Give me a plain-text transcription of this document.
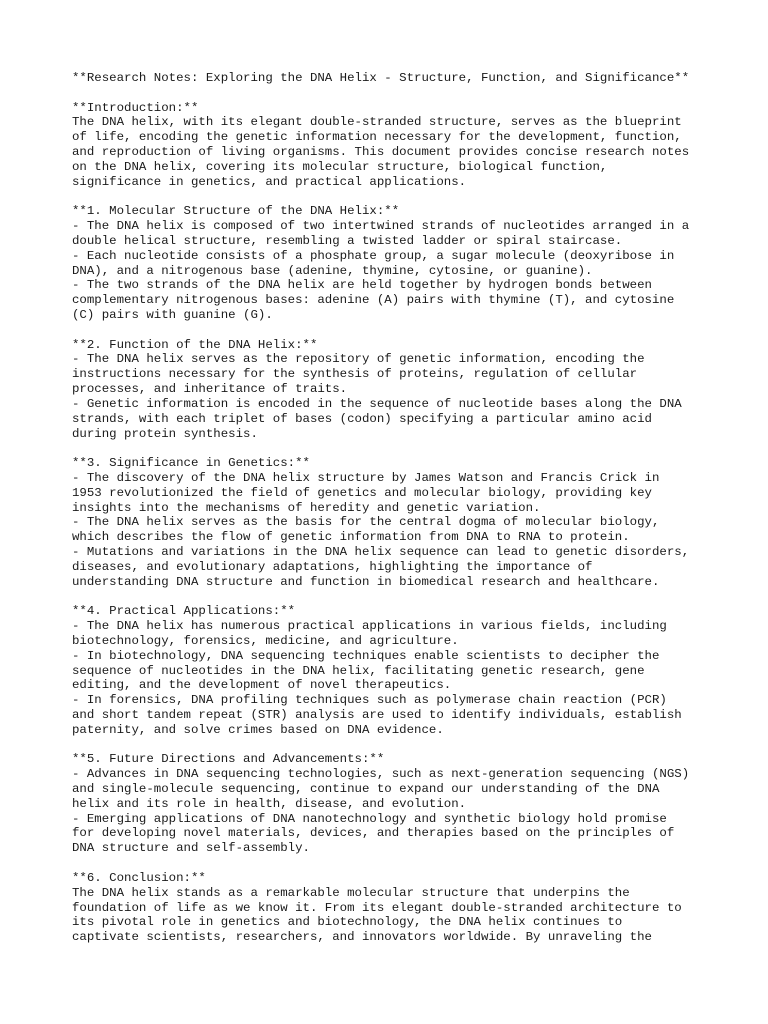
**Research Notes: Exploring the DNA Helix - Structure, Function, and Significance**
**Introduction:**
The DNA helix, with its elegant double-stranded structure, serves as the blueprint
of life, encoding the genetic information necessary for the development, function,
and reproduction of living organisms. This document provides concise research notes
on the DNA helix, covering its molecular structure, biological function,
significance in genetics, and practical applications.
**1. Molecular Structure of the DNA Helix:**
- The DNA helix is composed of two intertwined strands of nucleotides arranged in a
double helical structure, resembling a twisted ladder or spiral staircase.
- Each nucleotide consists of a phosphate group, a sugar molecule (deoxyribose in
DNA), and a nitrogenous base (adenine, thymine, cytosine, or guanine).
- The two strands of the DNA helix are held together by hydrogen bonds between
complementary nitrogenous bases: adenine (A) pairs with thymine (T), and cytosine
(C) pairs with guanine (G).
**2. Function of the DNA Helix:**
- The DNA helix serves as the repository of genetic information, encoding the
instructions necessary for the synthesis of proteins, regulation of cellular
processes, and inheritance of traits.
- Genetic information is encoded in the sequence of nucleotide bases along the DNA
strands, with each triplet of bases (codon) specifying a particular amino acid
during protein synthesis.
**3. Significance in Genetics:**
- The discovery of the DNA helix structure by James Watson and Francis Crick in
1953 revolutionized the field of genetics and molecular biology, providing key
insights into the mechanisms of heredity and genetic variation.
- The DNA helix serves as the basis for the central dogma of molecular biology,
which describes the flow of genetic information from DNA to RNA to protein.
- Mutations and variations in the DNA helix sequence can lead to genetic disorders,
diseases, and evolutionary adaptations, highlighting the importance of
understanding DNA structure and function in biomedical research and healthcare.
**4. Practical Applications:**
- The DNA helix has numerous practical applications in various fields, including
biotechnology, forensics, medicine, and agriculture.
- In biotechnology, DNA sequencing techniques enable scientists to decipher the
sequence of nucleotides in the DNA helix, facilitating genetic research, gene
editing, and the development of novel therapeutics.
- In forensics, DNA profiling techniques such as polymerase chain reaction (PCR)
and short tandem repeat (STR) analysis are used to identify individuals, establish
paternity, and solve crimes based on DNA evidence.
**5. Future Directions and Advancements:**
- Advances in DNA sequencing technologies, such as next-generation sequencing (NGS)
and single-molecule sequencing, continue to expand our understanding of the DNA
helix and its role in health, disease, and evolution.
- Emerging applications of DNA nanotechnology and synthetic biology hold promise
for developing novel materials, devices, and therapies based on the principles of
DNA structure and self-assembly.
**6. Conclusion:**
The DNA helix stands as a remarkable molecular structure that underpins the
foundation of life as we know it. From its elegant double-stranded architecture to
its pivotal role in genetics and biotechnology, the DNA helix continues to
captivate scientists, researchers, and innovators worldwide. By unraveling the
